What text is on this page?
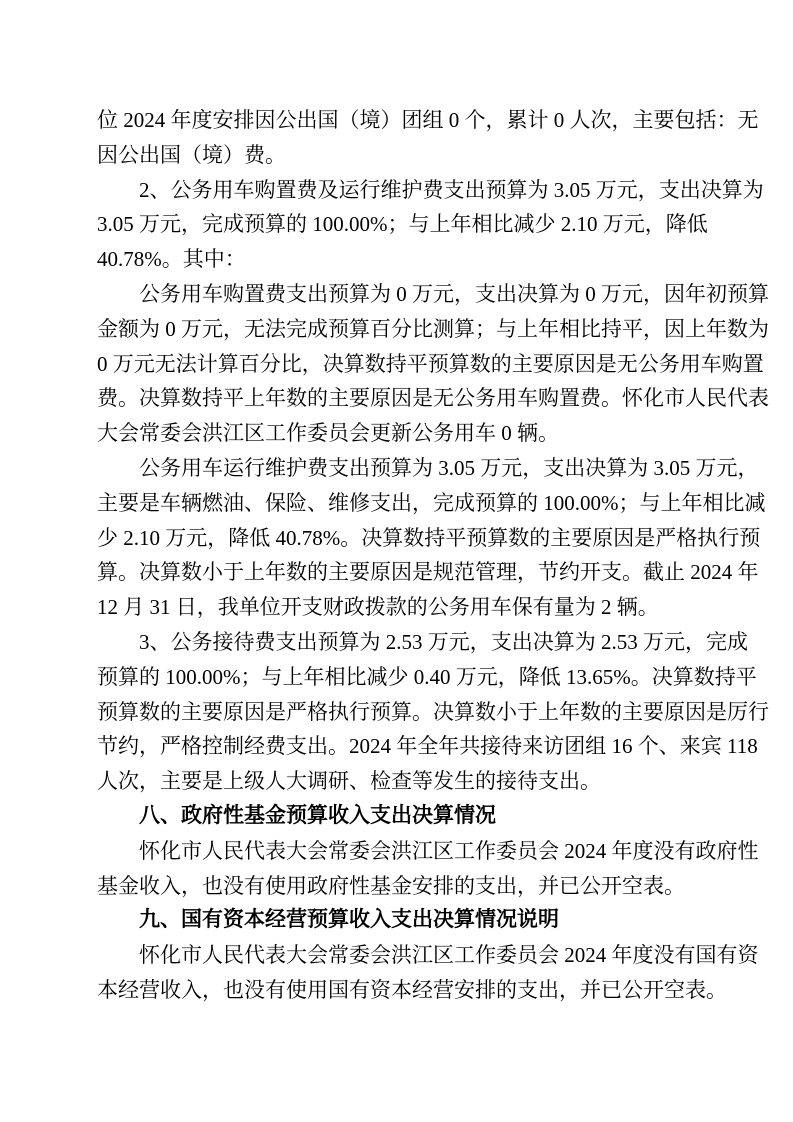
位 2024 年度安排因公出国（境）团组 0 个，累计 0 人次，主要包括：无
因公出国（境）费。
2、公务用车购置费及运行维护费支出预算为 3.05 万元，支出决算为
3.05 万元，完成预算的 100.00%；与上年相比减少 2.10 万元，降低
40.78%。其中：
公务用车购置费支出预算为 0 万元，支出决算为 0 万元，因年初预算
金额为 0 万元，无法完成预算百分比测算；与上年相比持平，因上年数为
0 万元无法计算百分比，决算数持平预算数的主要原因是无公务用车购置
费。决算数持平上年数的主要原因是无公务用车购置费。怀化市人民代表
大会常委会洪江区工作委员会更新公务用车 0 辆。
公务用车运行维护费支出预算为 3.05 万元，支出决算为 3.05 万元，
主要是车辆燃油、保险、维修支出，完成预算的 100.00%；与上年相比减
少 2.10 万元，降低 40.78%。决算数持平预算数的主要原因是严格执行预
算。决算数小于上年数的主要原因是规范管理，节约开支。截止 2024 年
12 月 31 日，我单位开支财政拨款的公务用车保有量为 2 辆。
3、公务接待费支出预算为 2.53 万元，支出决算为 2.53 万元，完成
预算的 100.00%；与上年相比减少 0.40 万元，降低 13.65%。决算数持平
预算数的主要原因是严格执行预算。决算数小于上年数的主要原因是厉行
节约，严格控制经费支出。2024 年全年共接待来访团组 16 个、来宾 118
人次，主要是上级人大调研、检查等发生的接待支出。
八、政府性基金预算收入支出决算情况
怀化市人民代表大会常委会洪江区工作委员会 2024 年度没有政府性
基金收入，也没有使用政府性基金安排的支出，并已公开空表。
九、国有资本经营预算收入支出决算情况说明
怀化市人民代表大会常委会洪江区工作委员会 2024 年度没有国有资
本经营收入，也没有使用国有资本经营安排的支出，并已公开空表。
